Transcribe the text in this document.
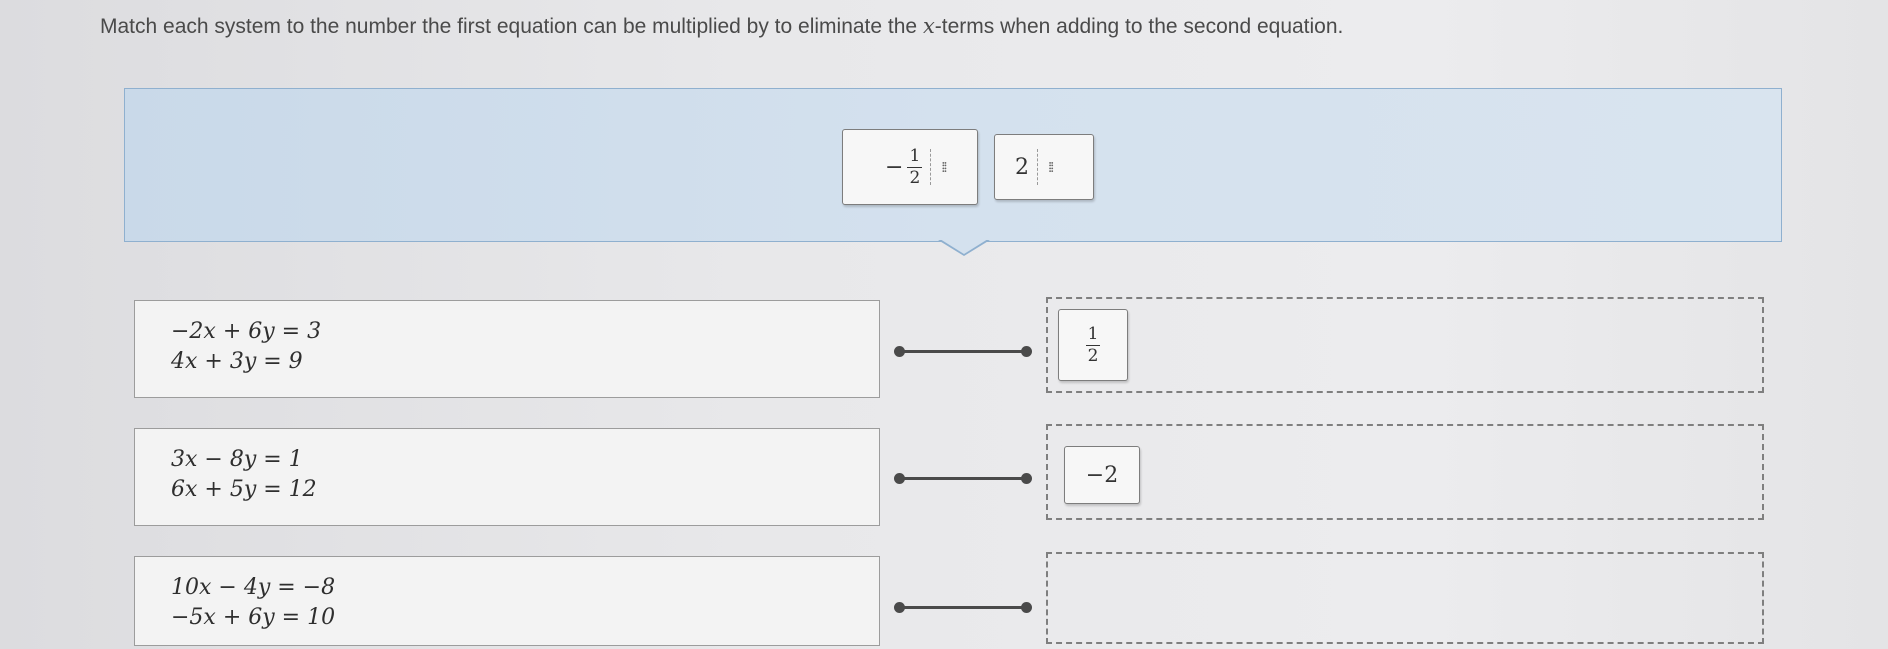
Match each system to the number the first equation can be multiplied by to eliminate the x-terms when adding to the second equation.
− $\frac{1}{2}$ ⁞⁞	2 ⁞⁞
−2x + 6y = 3
4x + 3y = 9	$\frac{1}{2}$
3x − 8y = 1
6x + 5y = 12
−2
10x − 4y = −8
−5x + 6y = 10
